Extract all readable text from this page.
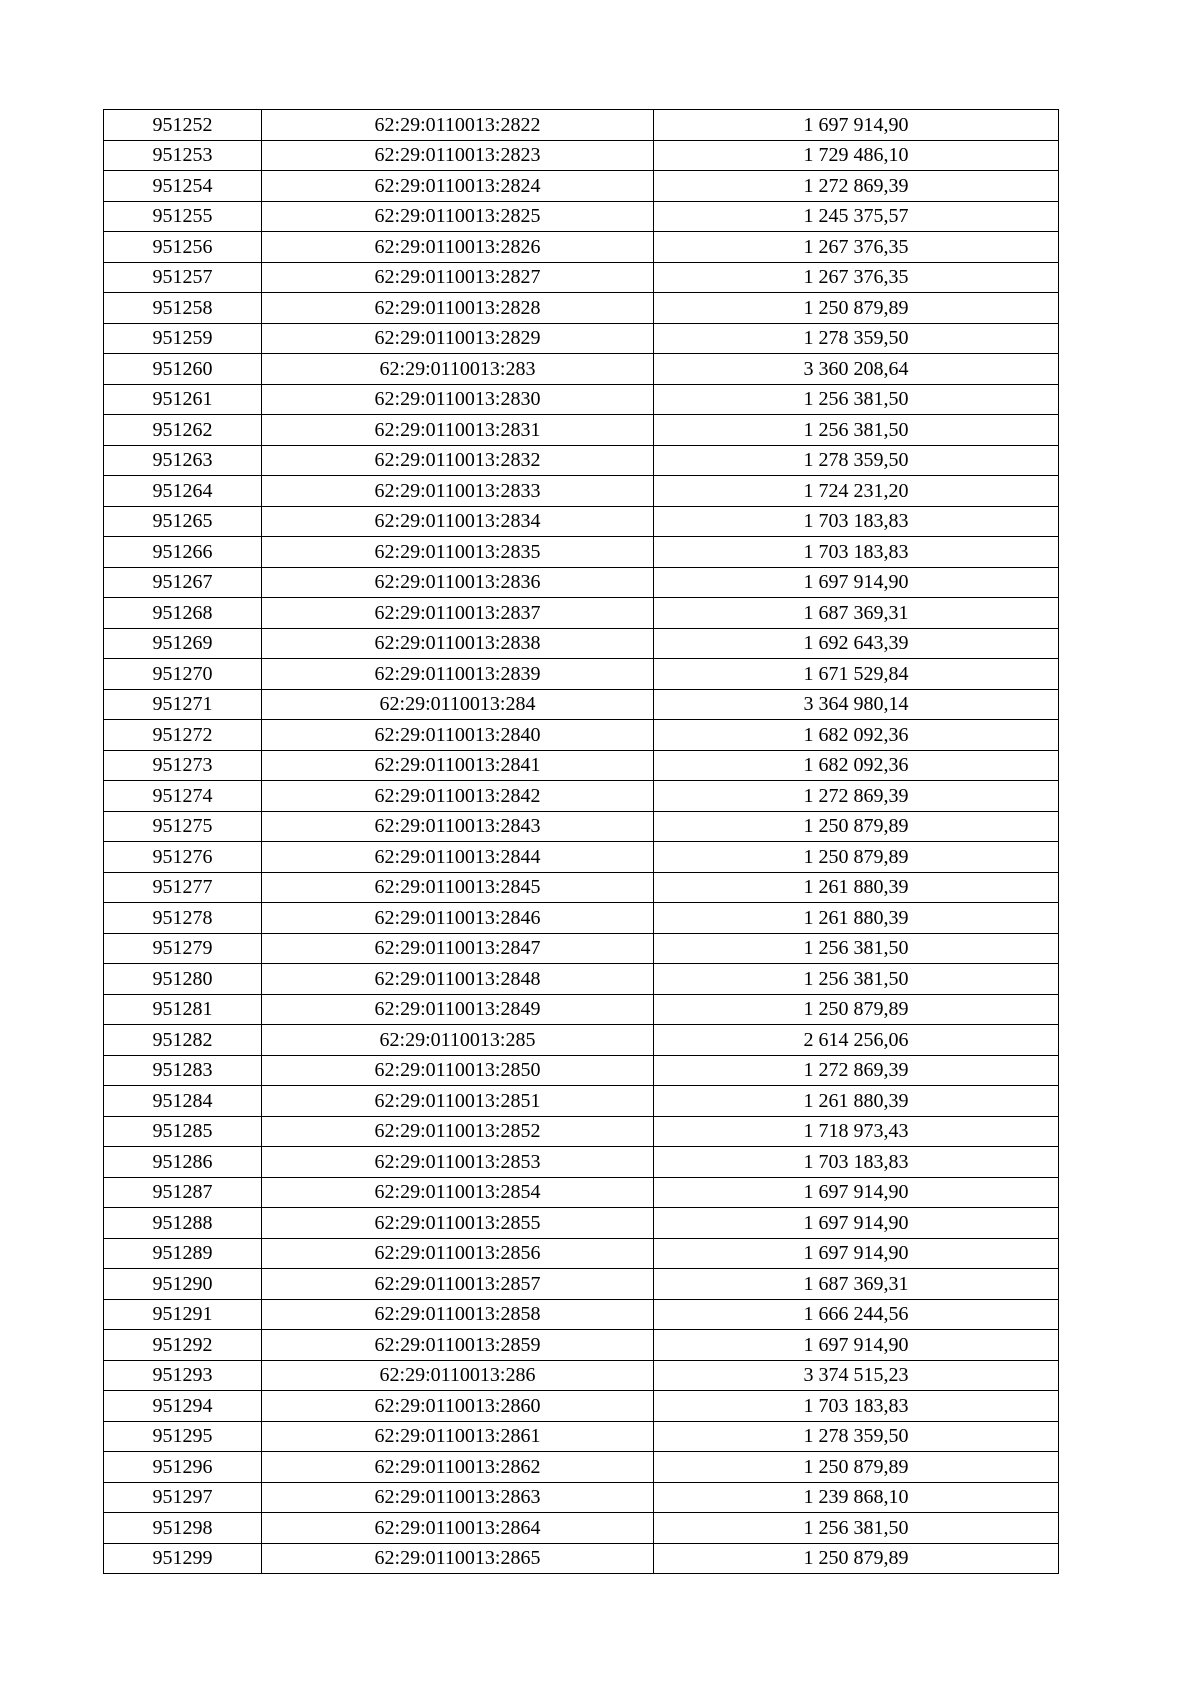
951252	62:29:0110013:2822	1 697 914,90
951253	62:29:0110013:2823	1 729 486,10
951254	62:29:0110013:2824	1 272 869,39
951255	62:29:0110013:2825	1 245 375,57
951256	62:29:0110013:2826	1 267 376,35
951257	62:29:0110013:2827	1 267 376,35
951258	62:29:0110013:2828	1 250 879,89
951259	62:29:0110013:2829	1 278 359,50
951260	62:29:0110013:283	3 360 208,64
951261	62:29:0110013:2830	1 256 381,50
951262	62:29:0110013:2831	1 256 381,50
951263	62:29:0110013:2832	1 278 359,50
951264	62:29:0110013:2833	1 724 231,20
951265	62:29:0110013:2834	1 703 183,83
951266	62:29:0110013:2835	1 703 183,83
951267	62:29:0110013:2836	1 697 914,90
951268	62:29:0110013:2837	1 687 369,31
951269	62:29:0110013:2838	1 692 643,39
951270	62:29:0110013:2839	1 671 529,84
951271	62:29:0110013:284	3 364 980,14
951272	62:29:0110013:2840	1 682 092,36
951273	62:29:0110013:2841	1 682 092,36
951274	62:29:0110013:2842	1 272 869,39
951275	62:29:0110013:2843	1 250 879,89
951276	62:29:0110013:2844	1 250 879,89
951277	62:29:0110013:2845	1 261 880,39
951278	62:29:0110013:2846	1 261 880,39
951279	62:29:0110013:2847	1 256 381,50
951280	62:29:0110013:2848	1 256 381,50
951281	62:29:0110013:2849	1 250 879,89
951282	62:29:0110013:285	2 614 256,06
951283	62:29:0110013:2850	1 272 869,39
951284	62:29:0110013:2851	1 261 880,39
951285	62:29:0110013:2852	1 718 973,43
951286	62:29:0110013:2853	1 703 183,83
951287	62:29:0110013:2854	1 697 914,90
951288	62:29:0110013:2855	1 697 914,90
951289	62:29:0110013:2856	1 697 914,90
951290	62:29:0110013:2857	1 687 369,31
951291	62:29:0110013:2858	1 666 244,56
951292	62:29:0110013:2859	1 697 914,90
951293	62:29:0110013:286	3 374 515,23
951294	62:29:0110013:2860	1 703 183,83
951295	62:29:0110013:2861	1 278 359,50
951296	62:29:0110013:2862	1 250 879,89
951297	62:29:0110013:2863	1 239 868,10
951298	62:29:0110013:2864	1 256 381,50
951299	62:29:0110013:2865	1 250 879,89
